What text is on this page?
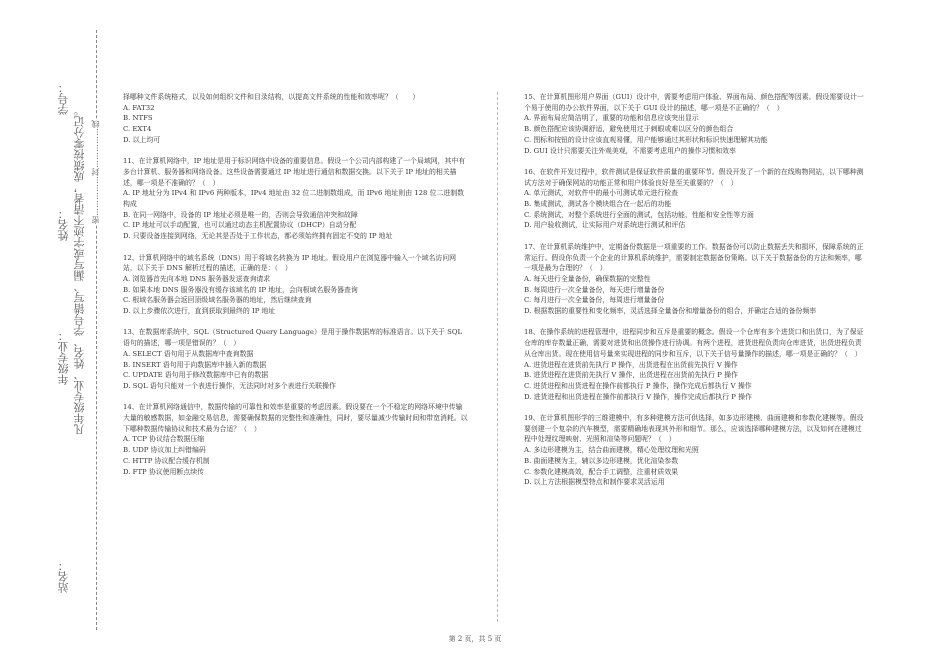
学号：
姓名：
年级专业：
站名：
凡年级专业、姓名、学号错写、漏写或字迹不清者，成绩按零分记。 密……………封……………线

择哪种文件系统格式，以及如何组织文件和目录结构，以提高文件系统的性能和效率呢？（　　）

A. FAT32

B. NTFS

C. EXT4

D. 以上均可

11、在计算机网络中，IP 地址是用于标识网络中设备的重要信息。假设一个公司内部构建了一个局域网，其中有多台计算机、服务器和网络设备。这些设备需要通过 IP 地址进行通信和数据交换。以下关于 IP 地址的相关描述，哪一项是不准确的？（　）

A. IP 地址分为 IPv4 和 IPv6 两种版本，IPv4 地址由 32 位二进制数组成，而 IPv6 地址则由 128 位二进制数构成

B. 在同一网络中，设备的 IP 地址必须是唯一的，否则会导致通信冲突和故障

C. IP 地址可以手动配置，也可以通过动态主机配置协议（DHCP）自动分配

D. 只要设备连接到网络，无论其是否处于工作状态，都必须始终拥有固定不变的 IP 地址

12、计算机网络中的域名系统（DNS）用于将域名转换为 IP 地址。假设用户在浏览器中输入一个域名访问网站，以下关于 DNS 解析过程的描述，正确的是：（　）

A. 浏览器首先向本地 DNS 服务器发送查询请求

B. 如果本地 DNS 服务器没有缓存该域名的 IP 地址，会向根域名服务器查询

C. 根域名服务器会返回顶级域名服务器的地址，然后继续查询

D. 以上步骤依次进行，直到获取到最终的 IP 地址

13、在数据库系统中，SQL（Structured Query Language）是用于操作数据库的标准语言。以下关于 SQL 语句的描述，哪一项是错误的？（　）

A. SELECT 语句用于从数据库中查询数据

B. INSERT 语句用于向数据库中插入新的数据

C. UPDATE 语句用于修改数据库中已有的数据

D. SQL 语句只能对一个表进行操作，无法同时对多个表进行关联操作

14、在计算机网络通信中，数据传输的可靠性和效率是重要的考虑因素。假设要在一个不稳定的网络环境中传输大量的敏感数据，如金融交易信息，需要确保数据的完整性和准确性，同时，要尽量减少传输时间和带宽消耗。以下哪种数据传输协议和技术最为合适？（　）

A. TCP 协议结合数据压缩

B. UDP 协议加上纠错编码

C. HTTP 协议配合缓存机制

D. FTP 协议使用断点续传

15、在计算机图形用户界面（GUI）设计中，需要考虑用户体验、界面布局、颜色搭配等因素。假设需要设计一个易于使用的办公软件界面，以下关于 GUI 设计的描述，哪一项是不正确的？（　）

A. 界面布局应简洁明了，重要的功能和信息应该突出显示

B. 颜色搭配应该协调舒适，避免使用过于刺眼或难以区分的颜色组合

C. 图标和按钮的设计应该直观易懂，用户能够通过其形状和标识快速理解其功能

D. GUI 设计只需要关注外观美观，不需要考虑用户的操作习惯和效率

16、在软件开发过程中，软件测试是保证软件质量的重要环节。假设开发了一个新的在线购物网站，以下哪种测试方法对于确保网站的功能正常和用户体验良好是至关重要的？（　）

A. 单元测试，对软件中的最小可测试单元进行检查

B. 集成测试，测试各个模块组合在一起后的功能

C. 系统测试，对整个系统进行全面的测试，包括功能、性能和安全性等方面

D. 用户验收测试，让实际用户对系统进行测试和评估

17、在计算机系统维护中，定期备份数据是一项重要的工作。数据备份可以防止数据丢失和损坏，保障系统的正常运行。假设你负责一个企业的计算机系统维护，需要制定数据备份策略。以下关于数据备份的方法和频率，哪一项是最为合理的？（　）

A. 每天进行全量备份，确保数据的完整性

B. 每周进行一次全量备份，每天进行增量备份

C. 每月进行一次全量备份，每周进行增量备份

D. 根据数据的重要性和变化频率，灵活选择全量备份和增量备份的组合，并确定合适的备份频率

18、在操作系统的进程管理中，进程同步和互斥是重要的概念。假设一个仓库有多个进货口和出货口，为了保证仓库的库存数量正确，需要对进货和出货操作进行协调。有两个进程，进货进程负责向仓库进货，出货进程负责从仓库出货。现在使用信号量来实现进程的同步和互斥，以下关于信号量操作的描述，哪一项是正确的？（　）

A. 进货进程在进货前先执行 P 操作，出货进程在出货前先执行 V 操作

B. 进货进程在进货前先执行 V 操作，出货进程在出货前先执行 P 操作

C. 进货进程和出货进程在操作前都执行 P 操作，操作完成后都执行 V 操作

D. 进货进程和出货进程在操作前都执行 V 操作，操作完成后都执行 P 操作

19、在计算机图形学的三维建模中，有多种建模方法可供选择，如多边形建模、曲面建模和参数化建模等。假设要创建一个复杂的汽车模型，需要精确地表现其外形和细节。那么，应该选择哪种建模方法，以及如何在建模过程中处理纹理映射、光照和渲染等问题呢？（　）

A. 多边形建模为主，结合曲面建模，精心处理纹理和光照

B. 曲面建模为主，辅以多边形建模，优化渲染参数

C. 参数化建模高效，配合手工调整，注重材质效果

D. 以上方法根据模型特点和制作要求灵活运用

第 2 页，共 5 页
